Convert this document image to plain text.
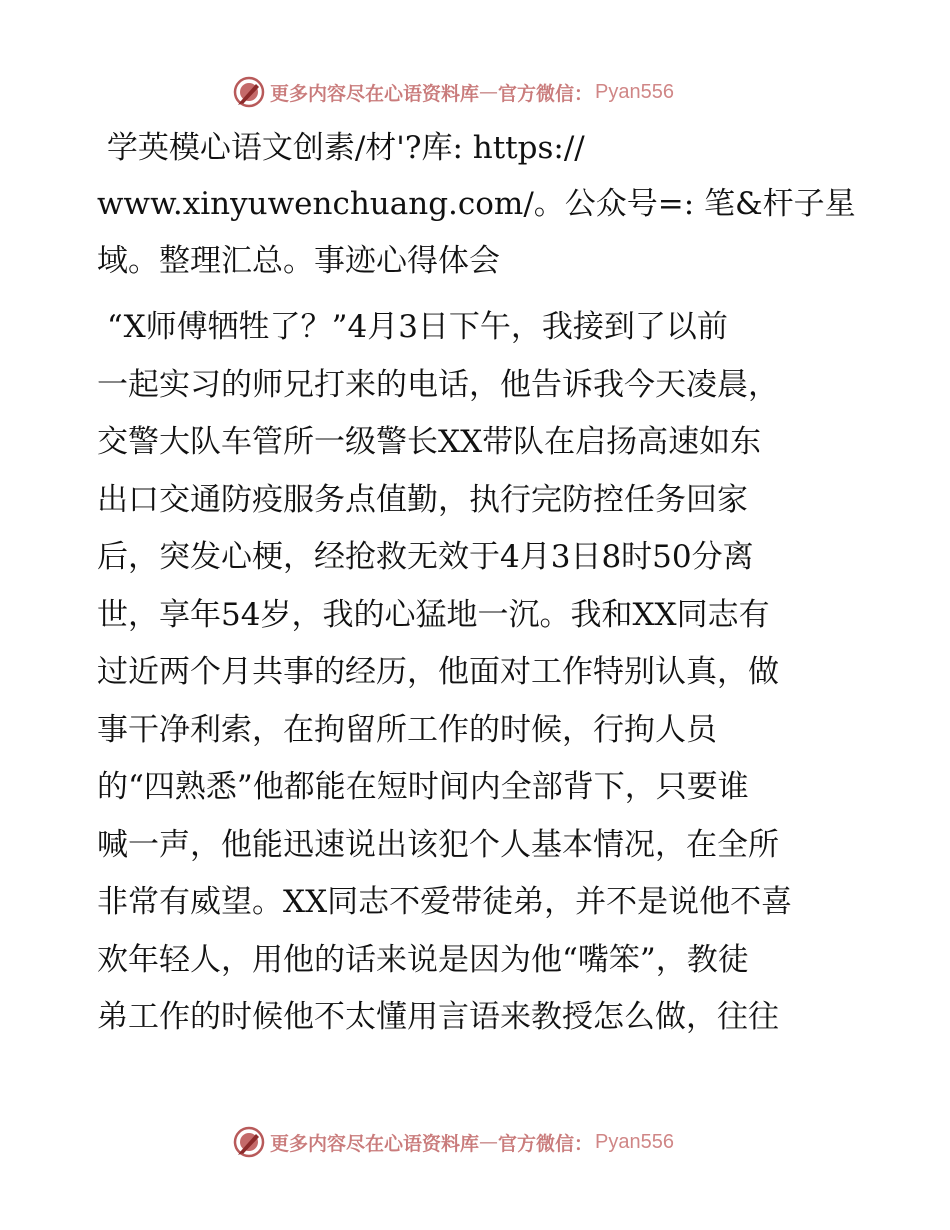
更多内容尽在心语资料库 — 官方微信： Pyan556
学英模心语文创素/材'?库: https://
www.xinyuwenchuang.com/。公众号=: 笔&杆子星
域。整理汇总。事迹心得体会
“X师傅牺牲了？”4月3日下午，我接到了以前
一起实习的师兄打来的电话，他告诉我今天凌晨，
交警大队车管所一级警长XX带队在启扬高速如东
出口交通防疫服务点值勤，执行完防控任务回家
后，突发心梗，经抢救无效于4月3日8时50分离
世，享年54岁，我的心猛地一沉。我和XX同志有
过近两个月共事的经历，他面对工作特别认真，做
事干净利索，在拘留所工作的时候，行拘人员
的“四熟悉”他都能在短时间内全部背下，只要谁
喊一声，他能迅速说出该犯个人基本情况，在全所
非常有威望。XX同志不爱带徒弟，并不是说他不喜
欢年轻人，用他的话来说是因为他“嘴笨”，教徒
弟工作的时候他不太懂用言语来教授怎么做，往往
更多内容尽在心语资料库 — 官方微信： Pyan556
